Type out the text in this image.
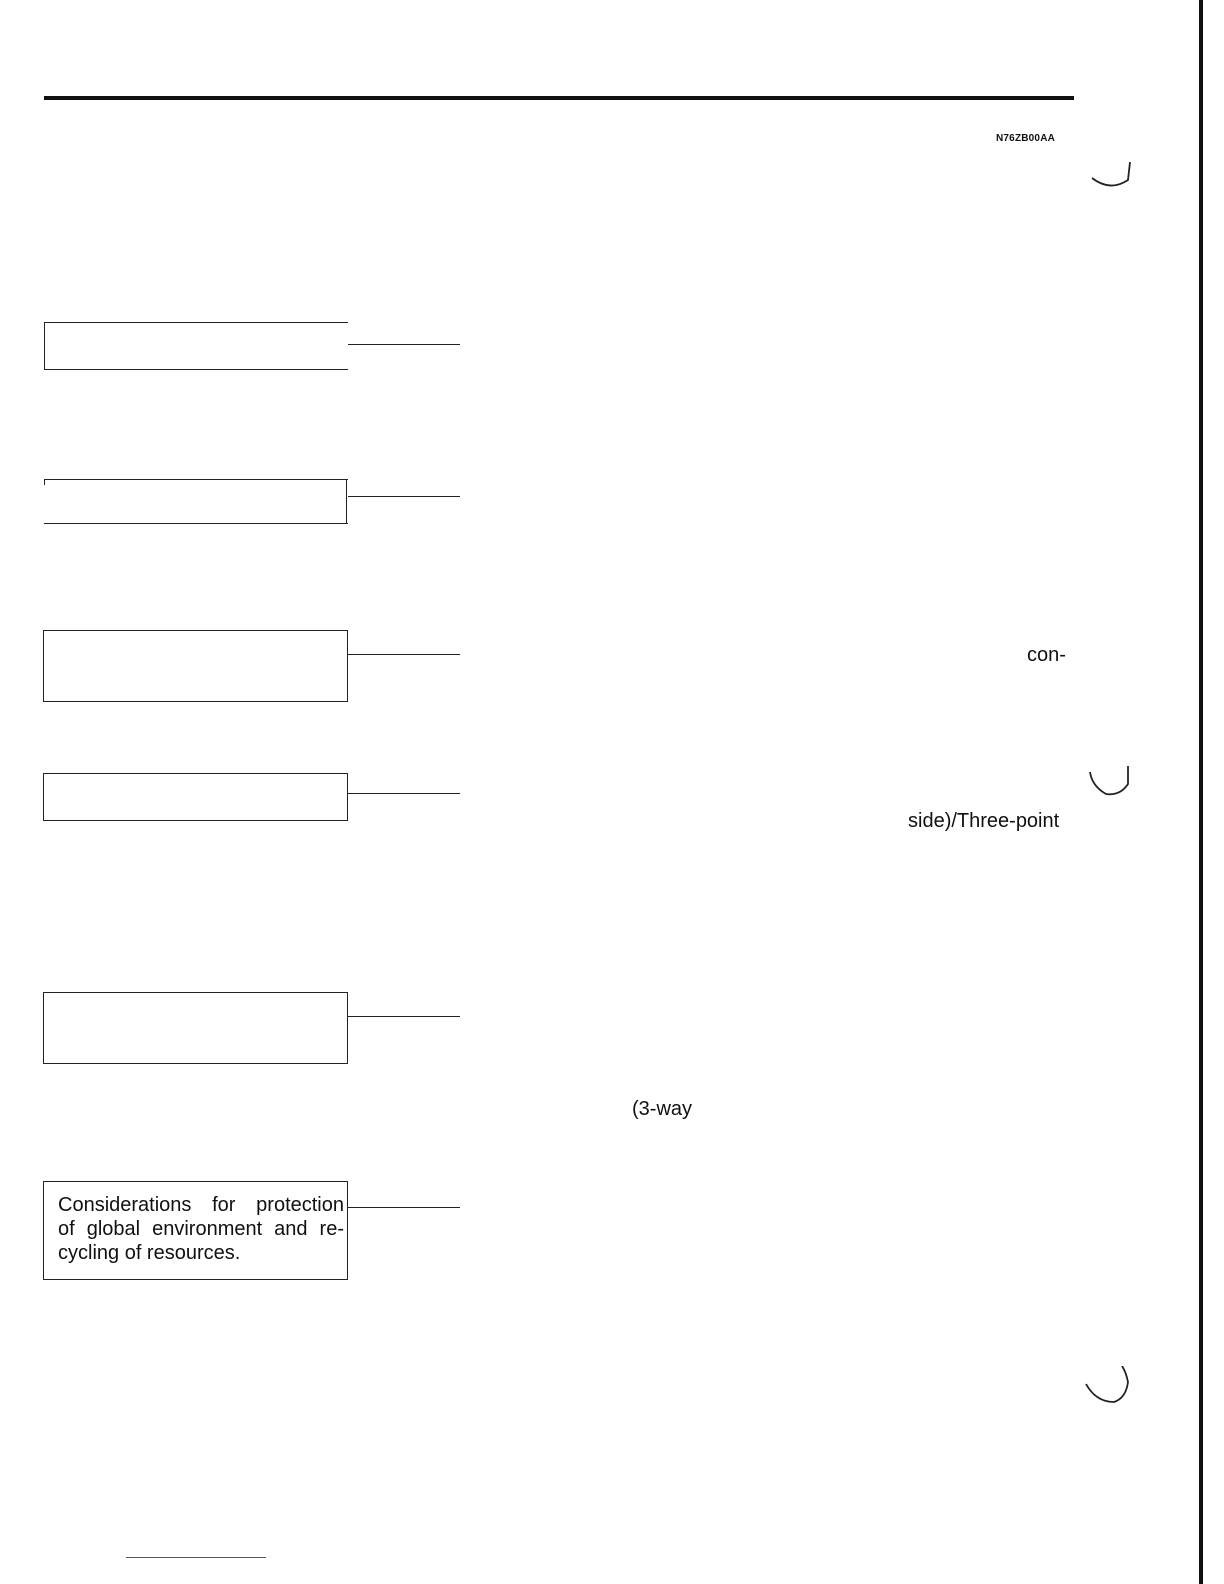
N76ZB00AA
Considerations for protection
of global environment and re-
cycling of resources.
con-
side)/Three-point
(3-way
